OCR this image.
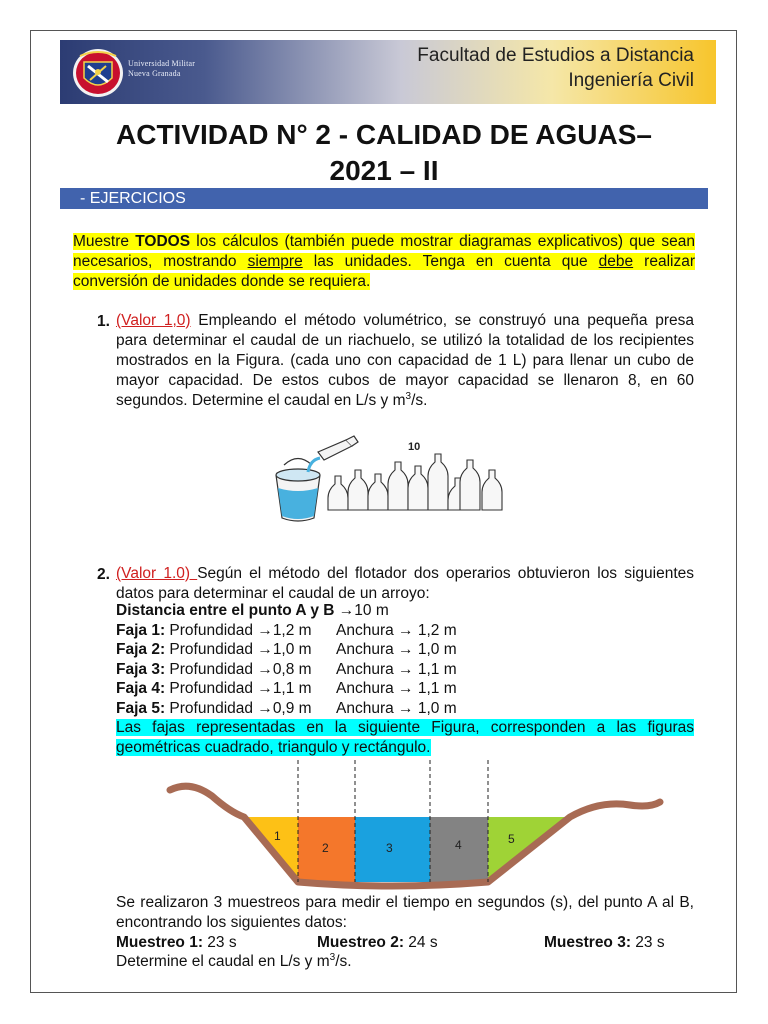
Universidad Militar
Nueva Granada
Facultad de Estudios a Distancia
Ingeniería Civil
ACTIVIDAD N° 2 - CALIDAD DE AGUAS–
2021 – II
- EJERCICIOS
Muestre TODOS los cálculos (también puede mostrar diagramas explicativos) que sean necesarios, mostrando siempre las unidades. Tenga en cuenta que debe realizar conversión de unidades donde se requiera.
1. (Valor 1,0) Empleando el método volumétrico, se construyó una pequeña presa para determinar el caudal de un riachuelo, se utilizó la totalidad de los recipientes mostrados en la Figura. (cada uno con capacidad de 1 L) para llenar un cubo de mayor capacidad. De estos cubos de mayor capacidad se llenaron 8, en 60 segundos. Determine el caudal en L/s y $m^3/s$.
10
2. (Valor 1.0) Según el método del flotador dos operarios obtuvieron los siguientes datos para determinar el caudal de un arroyo:
Distancia entre el punto A y B →10 m
Faja 1: Profundidad →1,2 m Anchura → 1,2 m
Faja 2: Profundidad →1,0 m Anchura → 1,0 m
Faja 3: Profundidad →0,8 m Anchura → 1,1 m
Faja 4: Profundidad →1,1 m Anchura → 1,1 m
Faja 5: Profundidad →0,9 m Anchura → 1,0 m
Las fajas representadas en la siguiente Figura, corresponden a las figuras geométricas cuadrado, triangulo y rectángulo.
1
2	3	4	5
Se realizaron 3 muestreos para medir el tiempo en segundos (s), del punto A al B, encontrando los siguientes datos:
Muestreo 1: 23 s	Muestreo 2: 24 s	Muestreo 3: 23 s
Determine el caudal en L/s y $m^3/s$.
